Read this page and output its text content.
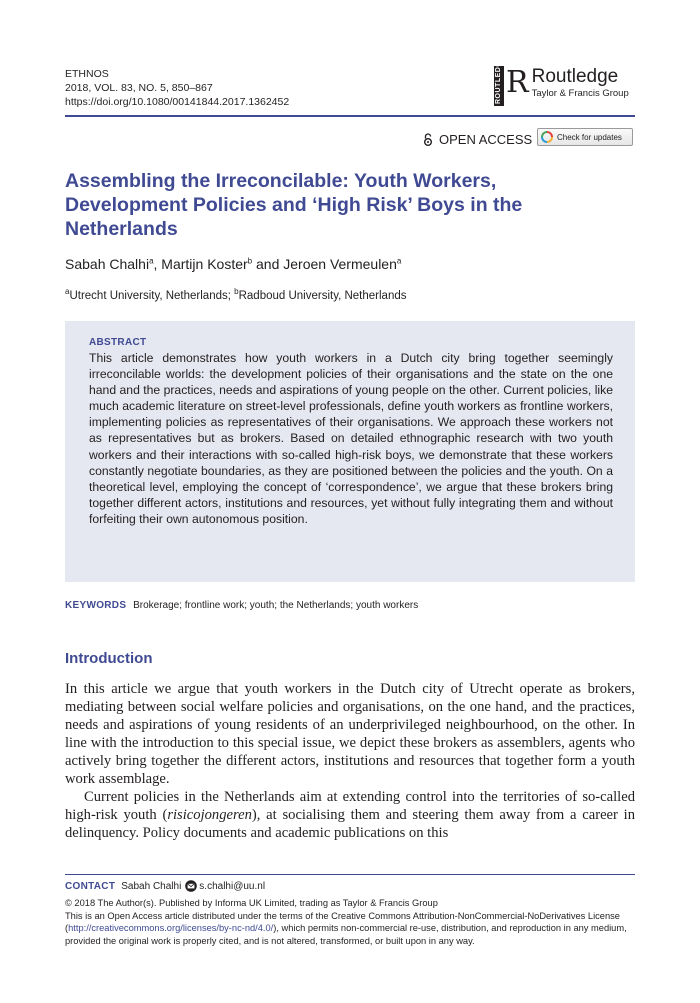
ETHNOS
2018, VOL. 83, NO. 5, 850–867
https://doi.org/10.1080/00141844.2017.1362452	ROUTLEDGE R Routledge
Taylor & Francis Group
OPEN ACCESS	Check for updates
Assembling the Irreconcilable: Youth Workers, Development Policies and ‘High Risk’ Boys in the Netherlands
Sabah Chalhi$^a$, Martijn Koster$^b$ and Jeroen Vermeulen$^a$
$^a$Utrecht University, Netherlands; $^b$Radboud University, Netherlands

ABSTRACT

This article demonstrates how youth workers in a Dutch city bring together seemingly irreconcilable worlds: the development policies of their organisations and the state on the one hand and the practices, needs and aspirations of young people on the other. Current policies, like much academic literature on street-level professionals, define youth workers as frontline workers, implementing policies as representatives of their organisations. We approach these workers not as representatives but as brokers. Based on detailed ethnographic research with two youth workers and their interactions with so-called high-risk boys, we demonstrate that these workers constantly negotiate boundaries, as they are positioned between the policies and the youth. On a theoretical level, employing the concept of ‘correspondence’, we argue that these brokers bring together different actors, institutions and resources, yet without fully integrating them and without forfeiting their own autonomous position.

KEYWORDS Brokerage; frontline work; youth; the Netherlands; youth workers
Introduction

In this article we argue that youth workers in the Dutch city of Utrecht operate as brokers, mediating between social welfare policies and organisations, on the one hand, and the practices, needs and aspirations of young residents of an underprivileged neighbourhood, on the other. In line with the introduction to this special issue, we depict these brokers as assemblers, agents who actively bring together the different actors, institutions and resources that together form a youth work assemblage.

Current policies in the Netherlands aim at extending control into the territories of so-called high-risk youth (risicojongeren), at socialising them and steering them away from a career in delinquency. Policy documents and academic publications on this

CONTACT Sabah Chalhi s.chalhi@uu.nl

© 2018 The Author(s). Published by Informa UK Limited, trading as Taylor & Francis Group

This is an Open Access article distributed under the terms of the Creative Commons Attribution-NonCommercial-NoDerivatives License (http://creativecommons.org/licenses/by-nc-nd/4.0/), which permits non-commercial re-use, distribution, and reproduction in any medium, provided the original work is properly cited, and is not altered, transformed, or built upon in any way.
